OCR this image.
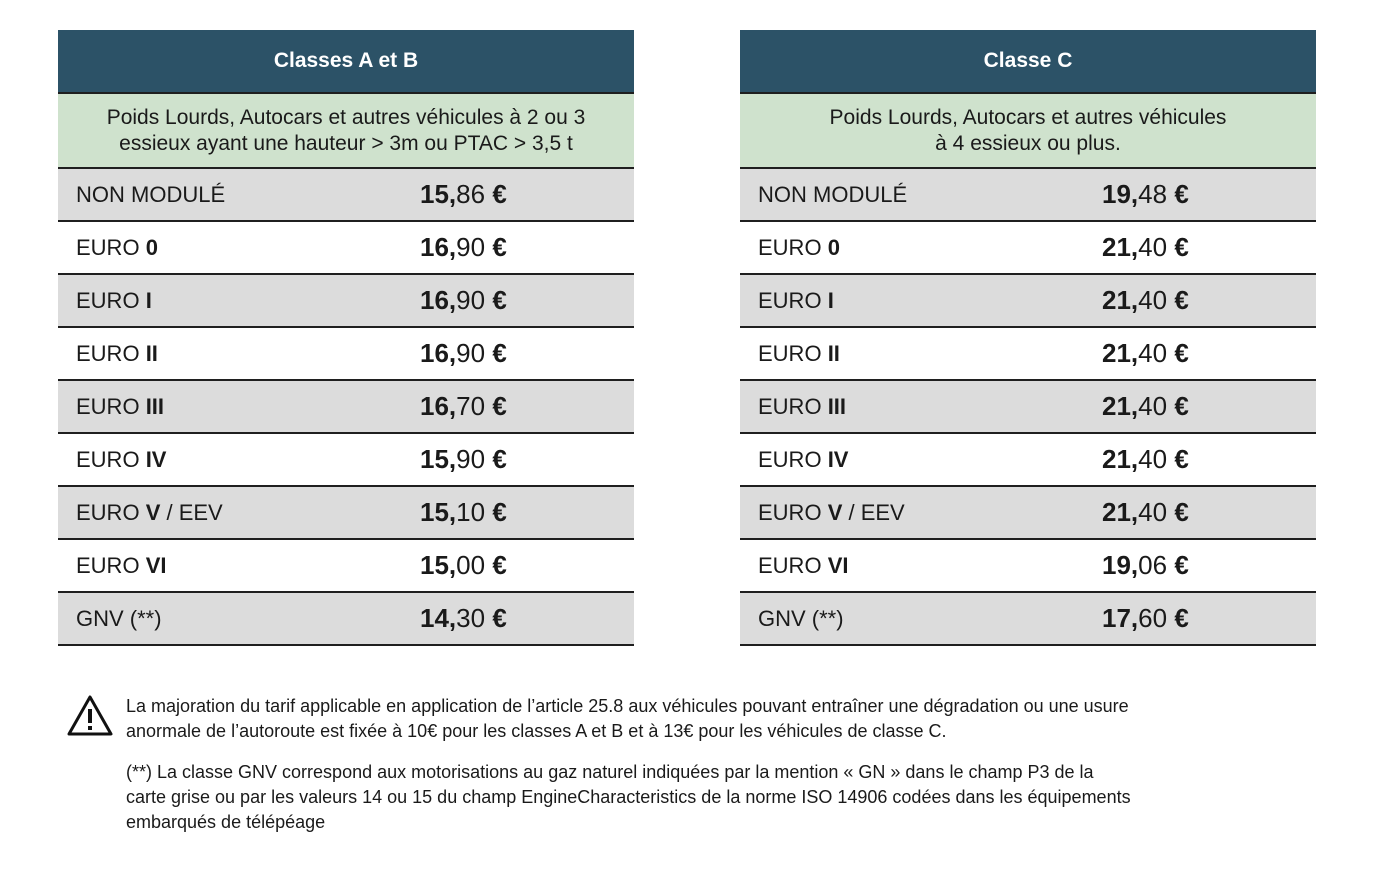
Classes A et B
Poids Lourds, Autocars et autres véhicules à 2 ou 3
essieux ayant une hauteur > 3m ou PTAC > 3,5 t
NON MODULÉ	15,86 €
EURO 0	16,90 €
EURO I	16,90 €
EURO II	16,90 €
EURO III	16,70 €
EURO IV	15,90 €
EURO V / EEV	15,10 €
EURO VI	15,00 €
GNV (**)	14,30 €
Classe C
Poids Lourds, Autocars et autres véhicules
à 4 essieux ou plus.
NON MODULÉ	19,48 €
EURO 0	21,40 €
EURO I	21,40 €
EURO II	21,40 €
EURO III	21,40 €
EURO IV	21,40 €
EURO V / EEV	21,40 €
EURO VI	19,06 €
GNV (**)	17,60 €
La majoration du tarif applicable en application de l’article 25.8 aux véhicules pouvant entraîner une dégradation ou une usure
anormale de l’autoroute est fixée à 10€ pour les classes A et B et à 13€ pour les véhicules de classe C.
(**) La classe GNV correspond aux motorisations au gaz naturel indiquées par la mention « GN » dans le champ P3 de la
carte grise ou par les valeurs 14 ou 15 du champ EngineCharacteristics de la norme ISO 14906 codées dans les équipements
embarqués de télépéage
